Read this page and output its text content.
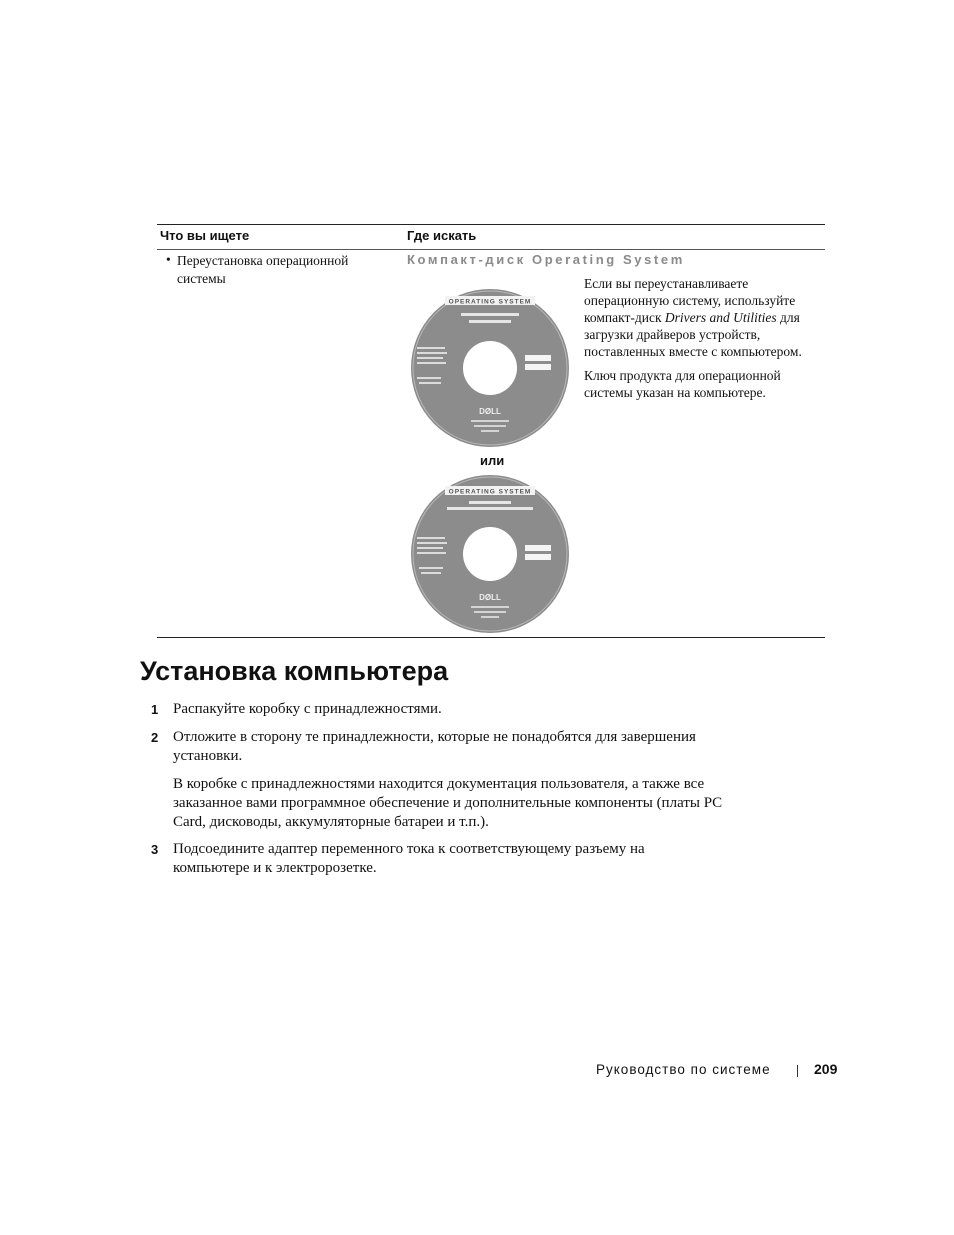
Что вы ищете	Где искать
• Переустановка операционной системы
Компакт-диск Operating System

Если вы переустанавливаете операционную систему, используйте компакт-диск Drivers and Utilities для загрузки драйверов устройств, поставленных вместе с компьютером.

Ключ продукта для операционной системы указан на компьютере.

OPERATING SYSTEM
DØLL
или
OPERATING SYSTEM
DØLL
Установка компьютера
1 Распакуйте коробку с принадлежностями.
2 Отложите в сторону те принадлежности, которые не понадобятся для завершения установки.
В коробке с принадлежностями находится документация пользователя, а также все заказанное вами программное обеспечение и дополнительные компоненты (платы PC Card, дисководы, аккумуляторные батареи и т.п.).
3 Подсоедините адаптер переменного тока к соответствующему разъему на компьютере и к электророзетке.
Руководство по системе	209
